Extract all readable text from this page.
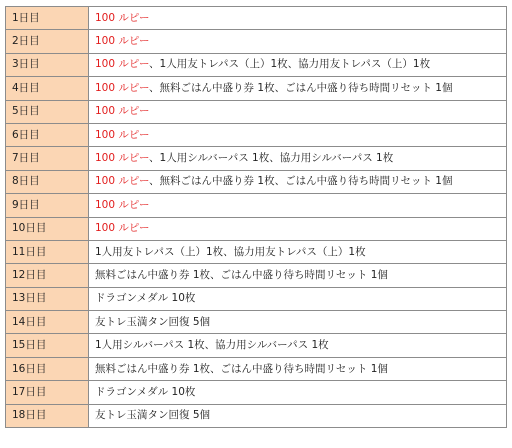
1日目	100 ルピー
2日目	100 ルピー
3日目	100 ルピー、1人用友トレパス（上）1枚、協力用友トレパス（上）1枚
4日目	100 ルピー、無料ごはん中盛り券 1枚、ごはん中盛り待ち時間リセット 1個
5日目	100 ルピー
6日目	100 ルピー
7日目	100 ルピー、1人用シルバーパス 1枚、協力用シルバーパス 1枚
8日目	100 ルピー、無料ごはん中盛り券 1枚、ごはん中盛り待ち時間リセット 1個
9日目	100 ルピー
10日目	100 ルピー
11日目	1人用友トレパス（上）1枚、協力用友トレパス（上）1枚
12日目	無料ごはん中盛り券 1枚、ごはん中盛り待ち時間リセット 1個
13日目	ドラゴンメダル 10枚
14日目	友トレ玉満タン回復 5個
15日目	1人用シルバーパス 1枚、協力用シルバーパス 1枚
16日目	無料ごはん中盛り券 1枚、ごはん中盛り待ち時間リセット 1個
17日目	ドラゴンメダル 10枚
18日目	友トレ玉満タン回復 5個
